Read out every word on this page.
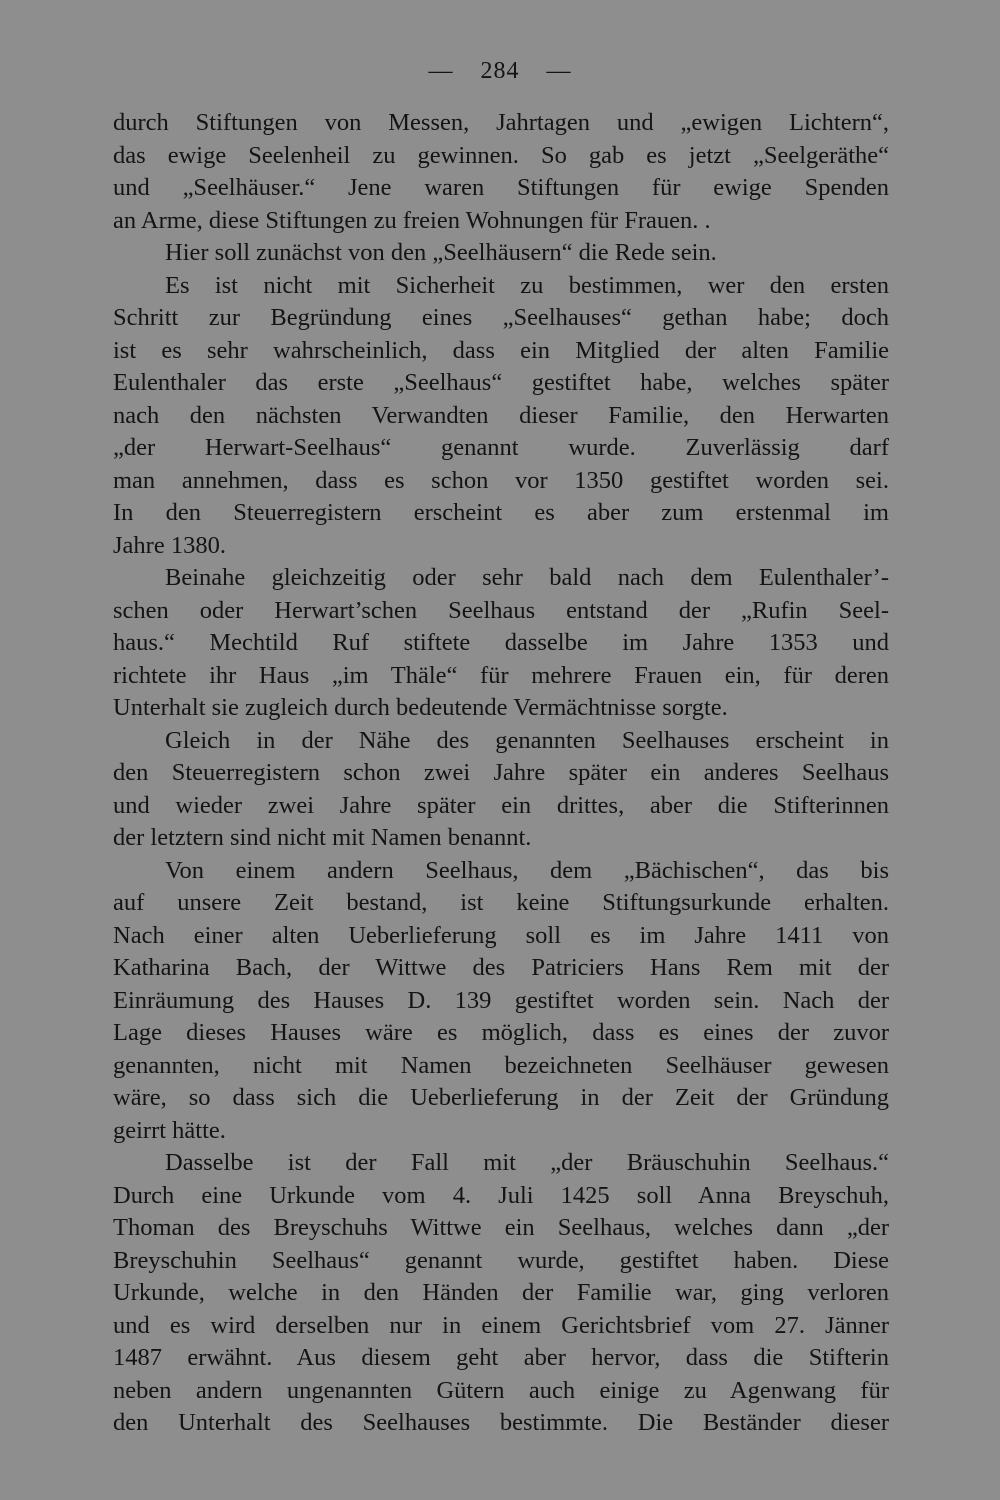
— 284 —
durch Stiftungen von Messen, Jahrtagen und „ewigen Lichtern“,
das ewige Seelenheil zu gewinnen. So gab es jetzt „Seelgeräthe“
und „Seelhäuser.“ Jene waren Stiftungen für ewige Spenden
an Arme, diese Stiftungen zu freien Wohnungen für Frauen. .
Hier soll zunächst von den „Seelhäusern“ die Rede sein.
Es ist nicht mit Sicherheit zu bestimmen, wer den ersten
Schritt zur Begründung eines „Seelhauses“ gethan habe; doch
ist es sehr wahrscheinlich, dass ein Mitglied der alten Familie
Eulenthaler das erste „Seelhaus“ gestiftet habe, welches später
nach den nächsten Verwandten dieser Familie, den Herwarten
„der Herwart-Seelhaus“ genannt wurde. Zuverlässig darf
man annehmen, dass es schon vor 1350 gestiftet worden sei.
In den Steuerregistern erscheint es aber zum erstenmal im
Jahre 1380.
Beinahe gleichzeitig oder sehr bald nach dem Eulenthaler’-
schen oder Herwart’schen Seelhaus entstand der „Rufin Seel-
haus.“ Mechtild Ruf stiftete dasselbe im Jahre 1353 und
richtete ihr Haus „im Thäle“ für mehrere Frauen ein, für deren
Unterhalt sie zugleich durch bedeutende Vermächtnisse sorgte.
Gleich in der Nähe des genannten Seelhauses erscheint in
den Steuerregistern schon zwei Jahre später ein anderes Seelhaus
und wieder zwei Jahre später ein drittes, aber die Stifterinnen
der letztern sind nicht mit Namen benannt.
Von einem andern Seelhaus, dem „Bächischen“, das bis
auf unsere Zeit bestand, ist keine Stiftungsurkunde erhalten.
Nach einer alten Ueberlieferung soll es im Jahre 1411 von
Katharina Bach, der Wittwe des Patriciers Hans Rem mit der
Einräumung des Hauses D. 139 gestiftet worden sein. Nach der
Lage dieses Hauses wäre es möglich, dass es eines der zuvor
genannten, nicht mit Namen bezeichneten Seelhäuser gewesen
wäre, so dass sich die Ueberlieferung in der Zeit der Gründung
geirrt hätte.
Dasselbe ist der Fall mit „der Bräuschuhin Seelhaus.“
Durch eine Urkunde vom 4. Juli 1425 soll Anna Breyschuh,
Thoman des Breyschuhs Wittwe ein Seelhaus, welches dann „der
Breyschuhin Seelhaus“ genannt wurde, gestiftet haben. Diese
Urkunde, welche in den Händen der Familie war, ging verloren
und es wird derselben nur in einem Gerichtsbrief vom 27. Jänner
1487 erwähnt. Aus diesem geht aber hervor, dass die Stifterin
neben andern ungenannten Gütern auch einige zu Agenwang für
den Unterhalt des Seelhauses bestimmte. Die Beständer dieser
